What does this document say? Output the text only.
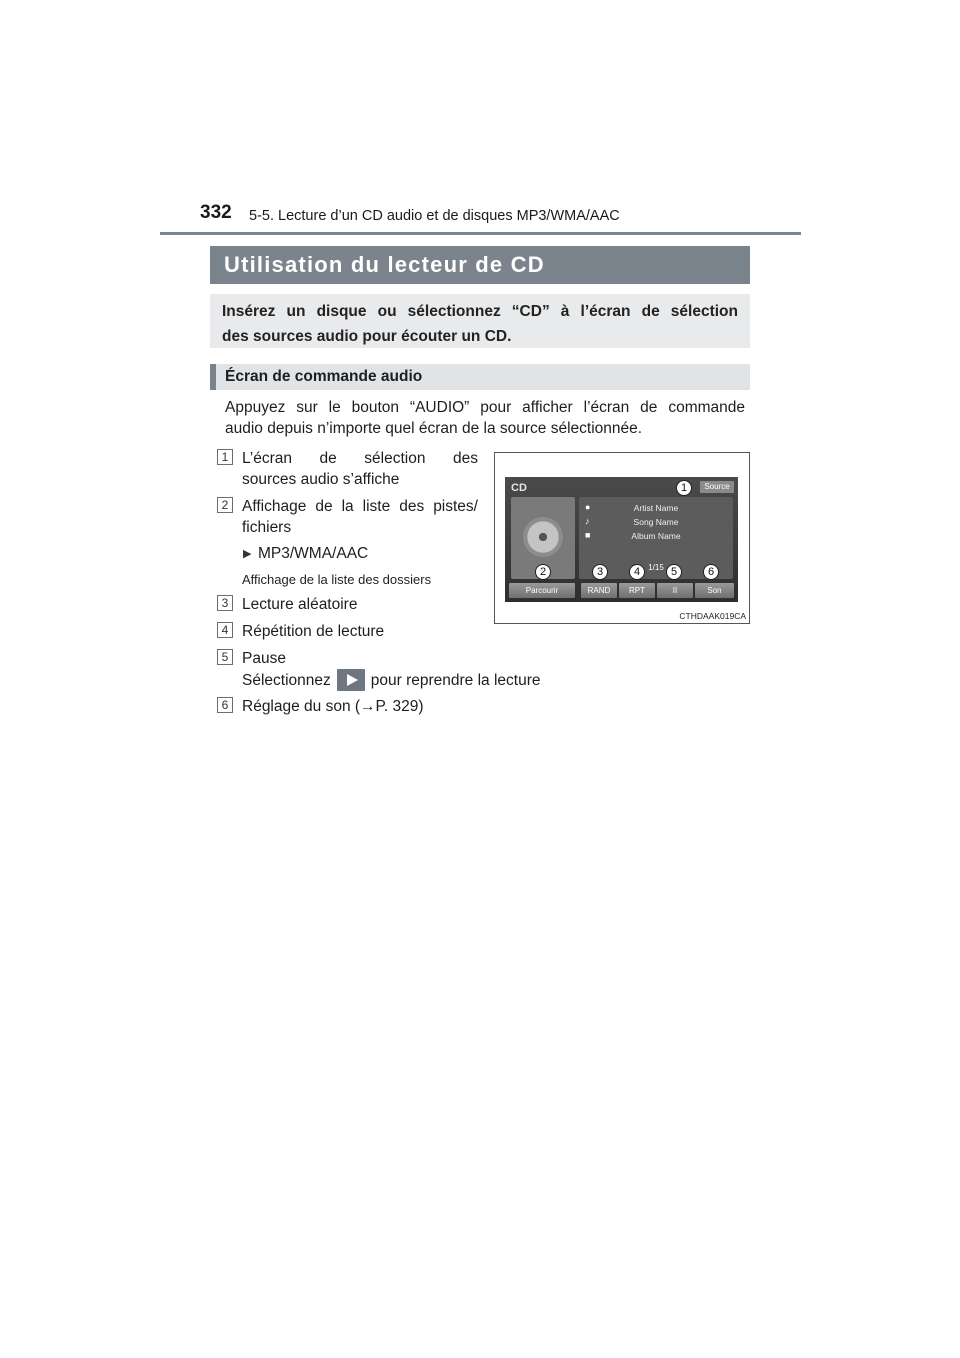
332 5-5. Lecture d’un CD audio et de disques MP3/WMA/AAC
Utilisation du lecteur de CD
Insérez un disque ou sélectionnez “CD” à l’écran de sélection
des sources audio pour écouter un CD.
Écran de commande audio
Appuyez sur le bouton “AUDIO” pour afficher l’écran de commande
audio depuis n’importe quel écran de la source sélectionnée.
1 L’écran de sélection des
sources audio s’affiche
2 Affichage de la liste des pistes/
fichiers
▶ MP3/WMA/AAC
Affichage de la liste des dossiers
3 Lecture aléatoire
4 Répétition de lecture
5 Pause
Sélectionnez	pour reprendre la lecture
6 Réglage du son (→P. 329)
CD	Source
●	Artist Name
♪	Song Name
■	Album Name
1/15
Parcourir	RAND	RPT	II	Son
1
2	3	4	5	6
CTHDAAK019CA
